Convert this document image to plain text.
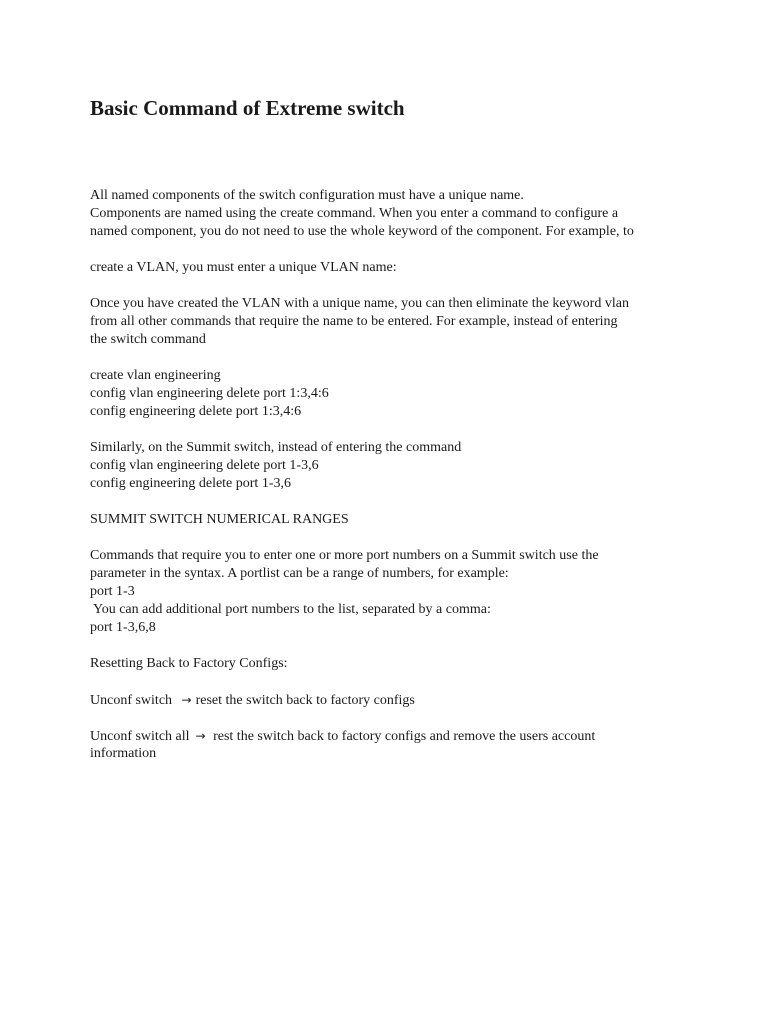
Basic Command of Extreme switch
All named components of the switch configuration must have a unique name.
Components are named using the create command. When you enter a command to configure a
named component, you do not need to use the whole keyword of the component. For example, to
create a VLAN, you must enter a unique VLAN name:
Once you have created the VLAN with a unique name, you can then eliminate the keyword vlan
from all other commands that require the name to be entered. For example, instead of entering
the switch command
create vlan engineering
config vlan engineering delete port 1:3,4:6
config engineering delete port 1:3,4:6
Similarly, on the Summit switch, instead of entering the command
config vlan engineering delete port 1-3,6
config engineering delete port 1-3,6
SUMMIT SWITCH NUMERICAL RANGES
Commands that require you to enter one or more port numbers on a Summit switch use the
parameter in the syntax. A portlist can be a range of numbers, for example:
port 1-3
You can add additional port numbers to the list, separated by a comma:
port 1-3,6,8
Resetting Back to Factory Configs:
Unconf switch → reset the switch back to factory configs
Unconf switch all → rest the switch back to factory configs and remove the users account
information
